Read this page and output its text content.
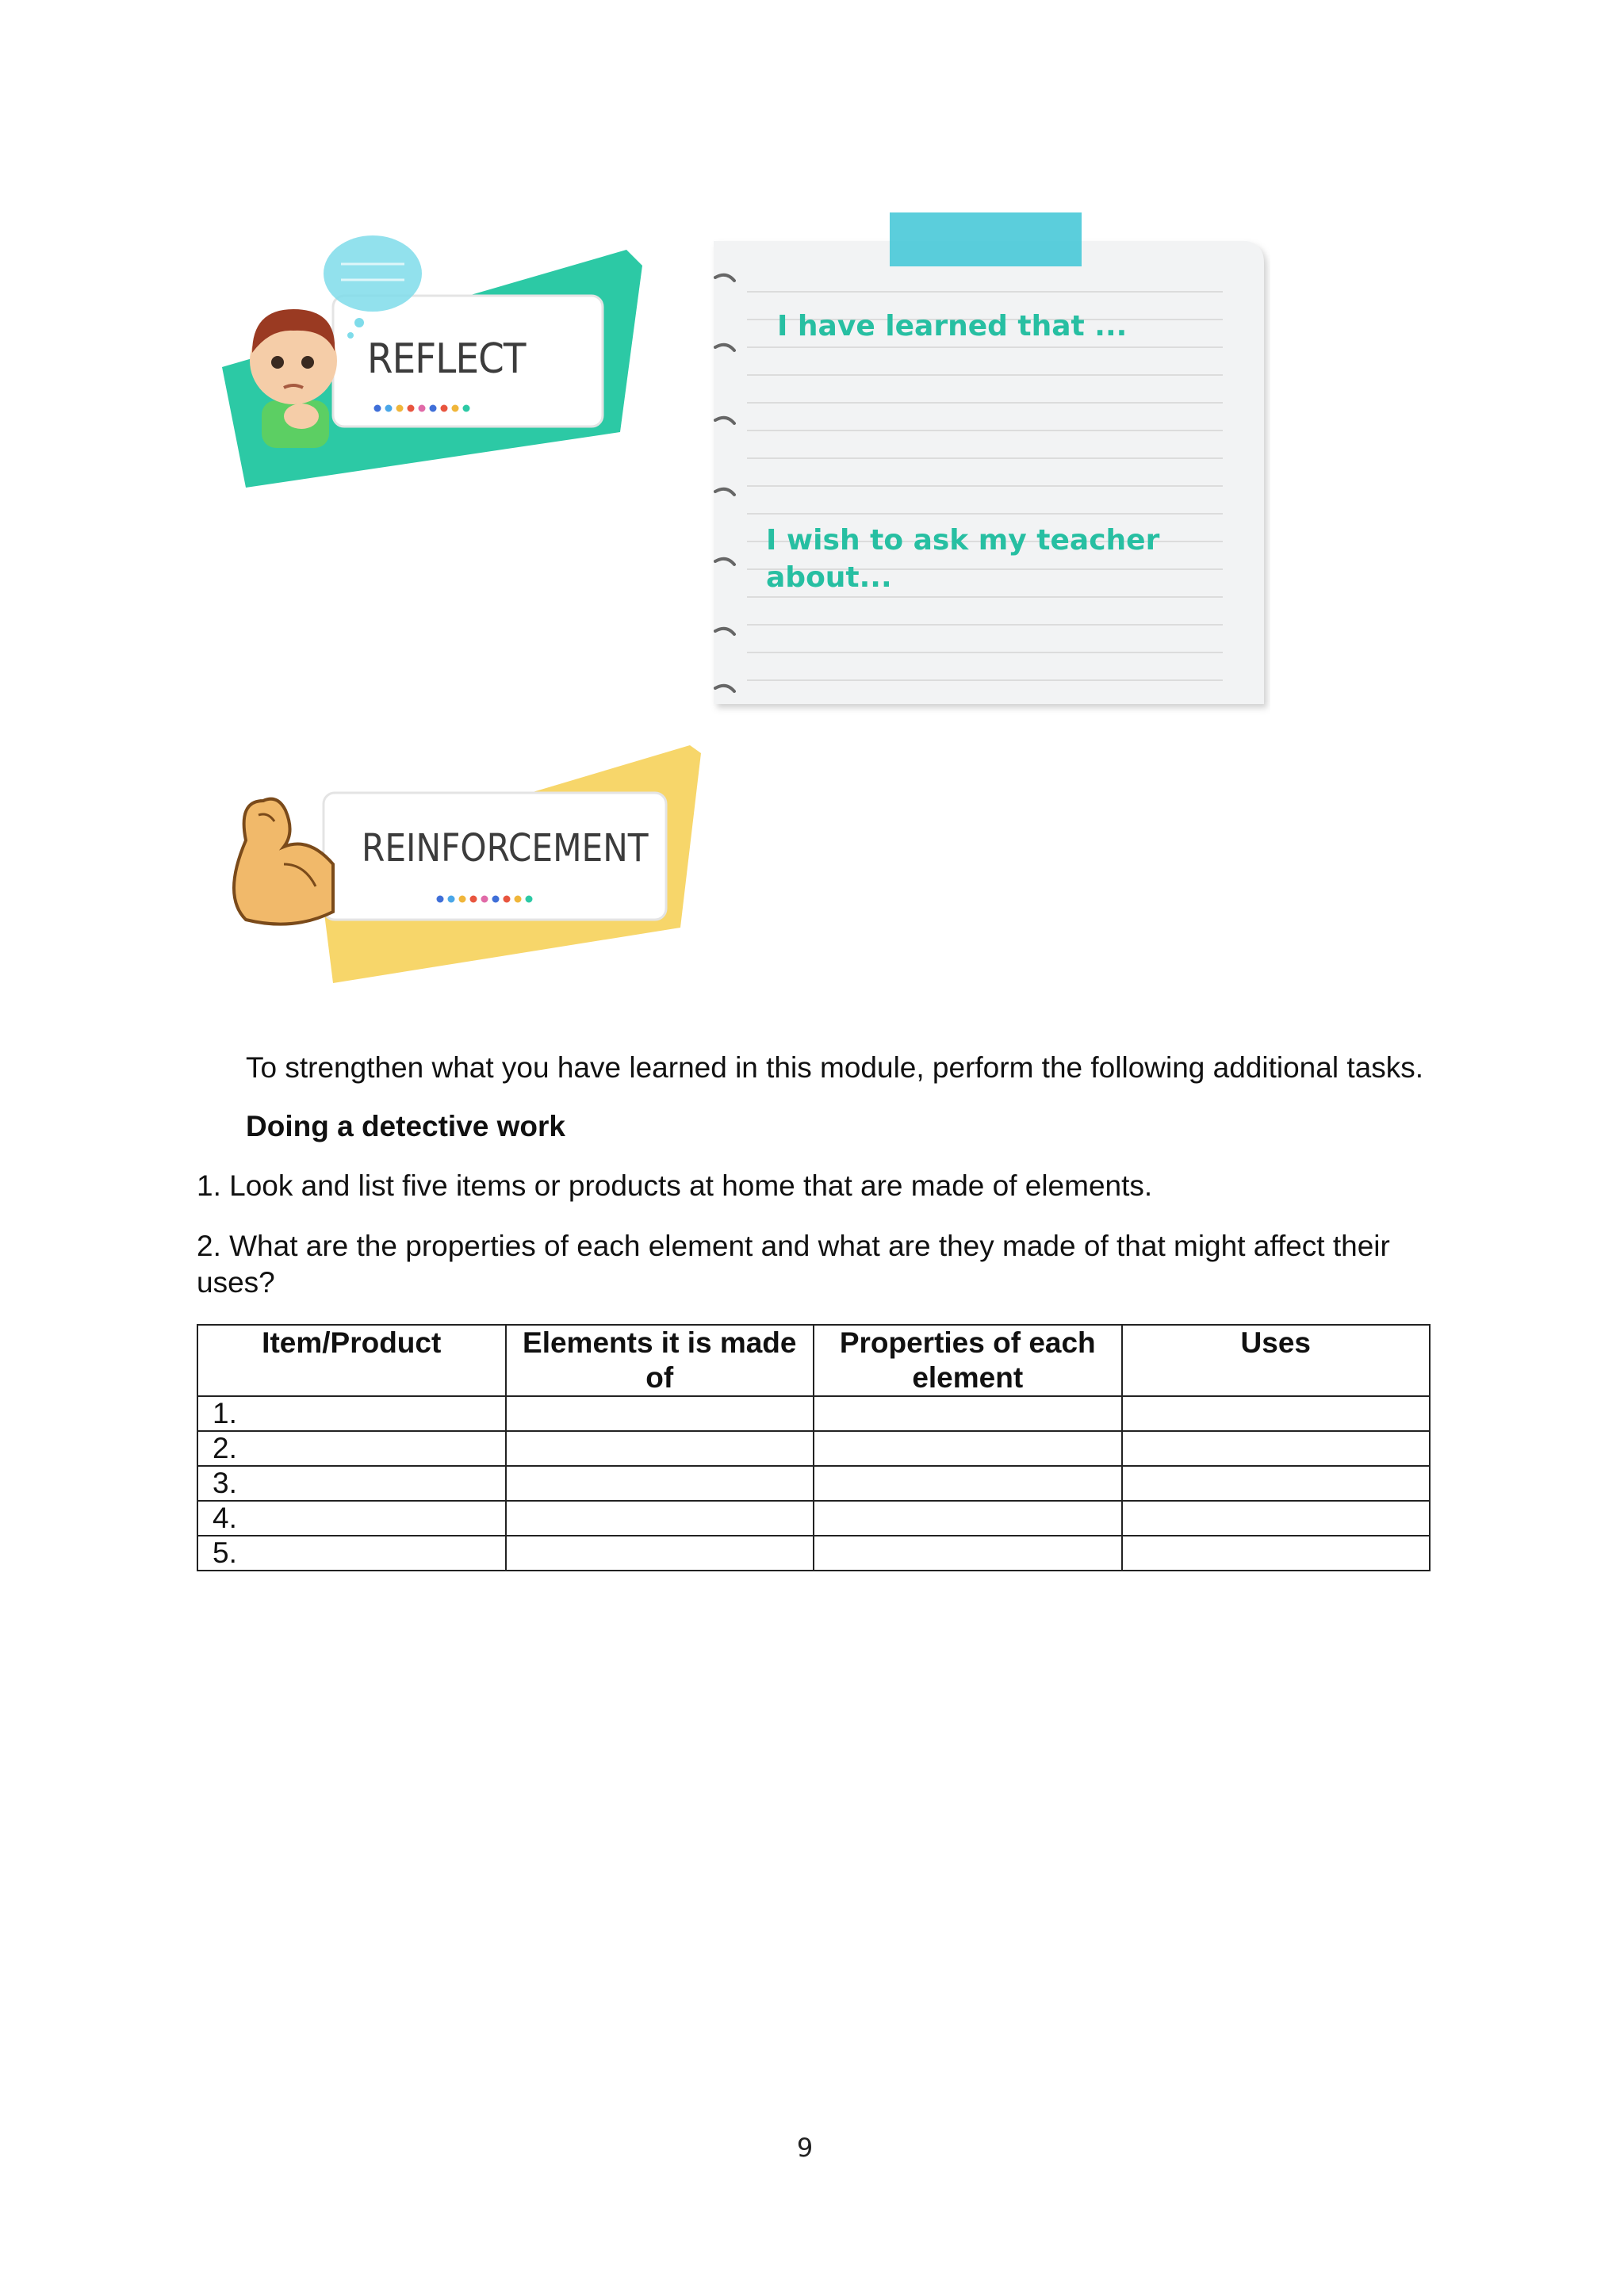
REFLECT
I have learned that ...
I wish to ask my teacher about...
REINFORCEMENT
To strengthen what you have learned in this module, perform the following additional tasks.
Doing a detective work
1. Look and list five items or products at home that are made of elements.
2. What are the properties of each element and what are they made of that might affect their uses?
Item/Product	Elements it is made of	Properties of each element	Uses
1.			
2.			
3.			
4.			
5.			
9
